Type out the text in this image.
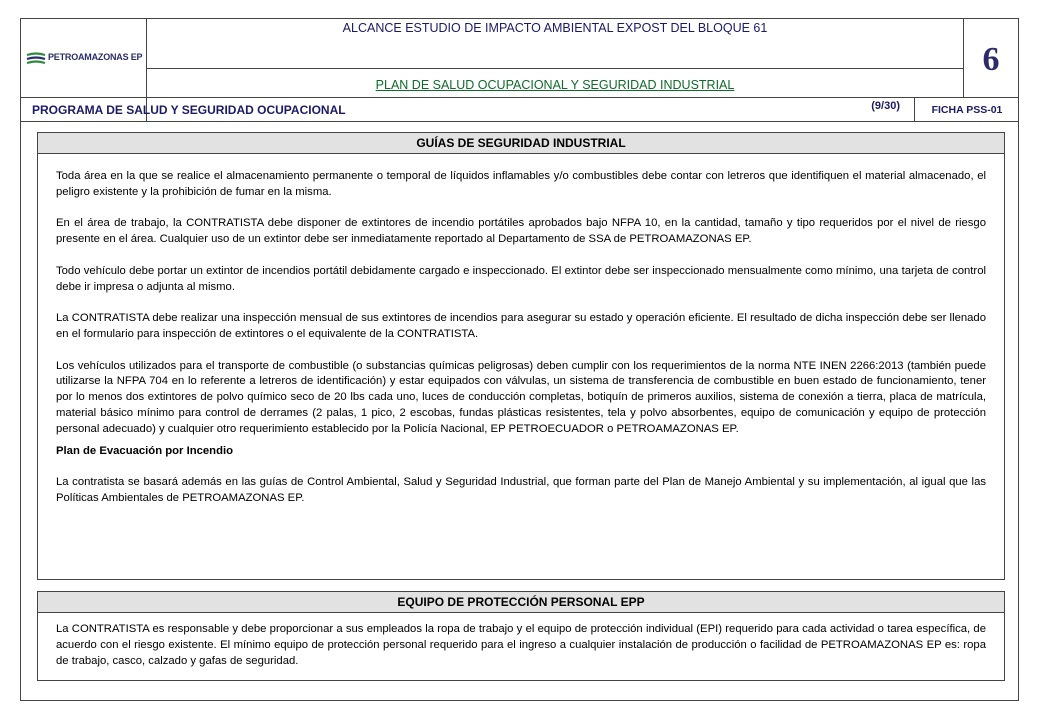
PETROAMAZONAS EP
ALCANCE ESTUDIO DE IMPACTO AMBIENTAL EXPOST DEL BLOQUE 61
PLAN DE SALUD OCUPACIONAL Y SEGURIDAD INDUSTRIAL
6
PROGRAMA DE SALUD Y SEGURIDAD OCUPACIONAL	(9/30)	FICHA PSS-01
GUÍAS DE SEGURIDAD INDUSTRIAL

Toda área en la que se realice el almacenamiento permanente o temporal de líquidos inflamables y/o combustibles debe contar con letreros que identifiquen el material almacenado, el peligro existente y la prohibición de fumar en la misma.

En el área de trabajo, la CONTRATISTA debe disponer de extintores de incendio portátiles aprobados bajo NFPA 10, en la cantidad, tamaño y tipo requeridos por el nivel de riesgo presente en el área. Cualquier uso de un extintor debe ser inmediatamente reportado al Departamento de SSA de PETROAMAZONAS EP.

Todo vehículo debe portar un extintor de incendios portátil debidamente cargado e inspeccionado. El extintor debe ser inspeccionado mensualmente como mínimo, una tarjeta de control debe ir impresa o adjunta al mismo.

La CONTRATISTA debe realizar una inspección mensual de sus extintores de incendios para asegurar su estado y operación eficiente. El resultado de dicha inspección debe ser llenado en el formulario para inspección de extintores o el equivalente de la CONTRATISTA.

Los vehículos utilizados para el transporte de combustible (o substancias químicas peligrosas) deben cumplir con los requerimientos de la norma NTE INEN 2266:2013 (también puede utilizarse la NFPA 704 en lo referente a letreros de identificación) y estar equipados con válvulas, un sistema de transferencia de combustible en buen estado de funcionamiento, tener por lo menos dos extintores de polvo químico seco de 20 lbs cada uno, luces de conducción completas, botiquín de primeros auxilios, sistema de conexión a tierra, placa de matrícula, material básico mínimo para control de derrames (2 palas, 1 pico, 2 escobas, fundas plásticas resistentes, tela y polvo absorbentes, equipo de comunicación y equipo de protección personal adecuado) y cualquier otro requerimiento establecido por la Policía Nacional, EP PETROECUADOR o PETROAMAZONAS EP.

Plan de Evacuación por Incendio

La contratista se basará además en las guías de Control Ambiental, Salud y Seguridad Industrial, que forman parte del Plan de Manejo Ambiental y su implementación, al igual que las Políticas Ambientales de PETROAMAZONAS EP.

EQUIPO DE PROTECCIÓN PERSONAL EPP

La CONTRATISTA es responsable y debe proporcionar a sus empleados la ropa de trabajo y el equipo de protección individual (EPI) requerido para cada actividad o tarea específica, de acuerdo con el riesgo existente. El mínimo equipo de protección personal requerido para el ingreso a cualquier instalación de producción o facilidad de PETROAMAZONAS EP es: ropa de trabajo, casco, calzado y gafas de seguridad.
